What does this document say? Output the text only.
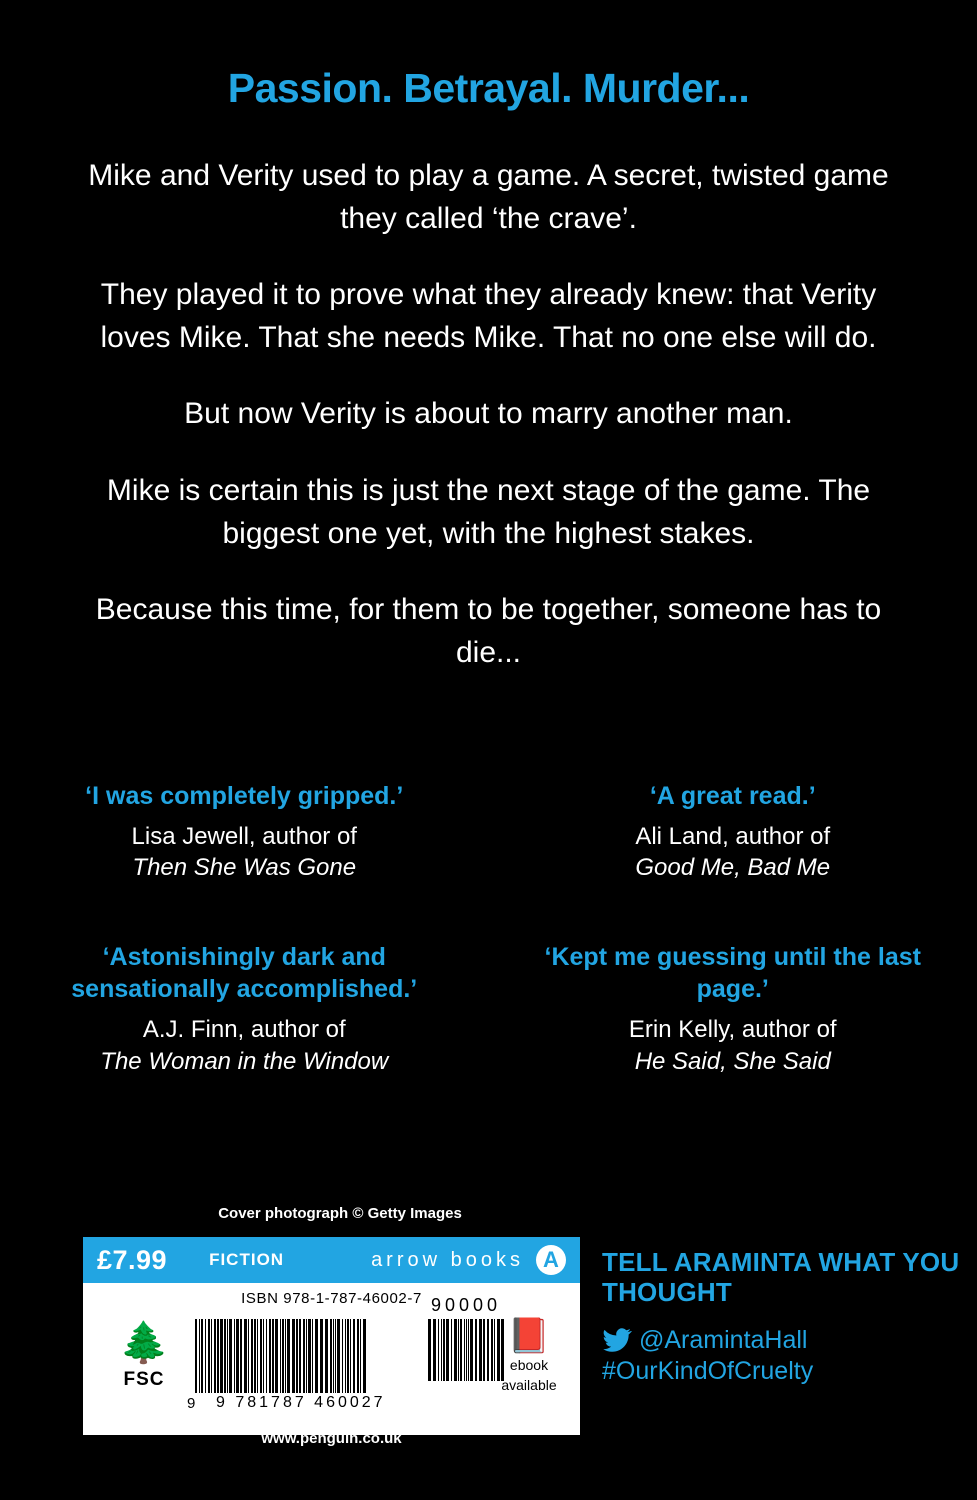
Passion. Betrayal. Murder...

Mike and Verity used to play a game. A secret, twisted game they called ‘the crave’.

They played it to prove what they already knew: that Verity loves Mike. That she needs Mike. That no one else will do.

But now Verity is about to marry another man.

Mike is certain this is just the next stage of the game. The biggest one yet, with the highest stakes.

Because this time, for them to be together, someone has to die...

‘I was completely gripped.’
Lisa Jewell, author of
Then She Was Gone
‘A great read.’
Ali Land, author of
Good Me, Bad Me
‘Astonishingly dark and sensationally accomplished.’
A.J. Finn, author of
The Woman in the Window
‘Kept me guessing until the last page.’
Erin Kelly, author of
He Said, She Said
Cover photograph © Getty Images
£7.99 FICTION	arrow books A
ISBN 978-1-787-46002-7
🌲
FSC
9 9 781787 460027
90000
📕
ebook
available
www.penguin.co.uk
TELL ARAMINTA WHAT YOU THOUGHT
@AramintaHall
#OurKindOfCruelty
